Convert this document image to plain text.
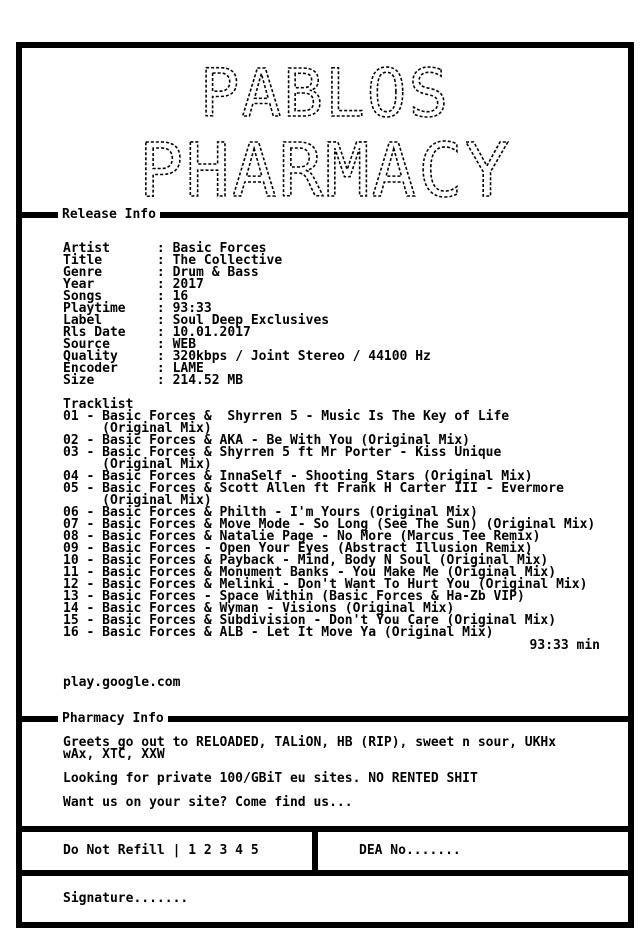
PABLOS
PHARMACY
Release Info
Artist      : Basic Forces
Title       : The Collective
Genre       : Drum & Bass
Year        : 2017
Songs       : 16
Playtime    : 93:33
Label       : Soul Deep Exclusives
Rls Date    : 10.01.2017
Source      : WEB
Quality     : 320kbps / Joint Stereo / 44100 Hz
Encoder     : LAME
Size        : 214.52 MB
Tracklist
01 - Basic Forces &  Shyrren 5 - Music Is The Key of Life
(Original Mix)
02 - Basic Forces & AKA - Be With You (Original Mix)
03 - Basic Forces & Shyrren 5 ft Mr Porter - Kiss Unique
(Original Mix)
04 - Basic Forces & InnaSelf - Shooting Stars (Original Mix)
05 - Basic Forces & Scott Allen ft Frank H Carter III - Evermore
(Original Mix)
06 - Basic Forces & Philth - I'm Yours (Original Mix)
07 - Basic Forces & Move Mode - So Long (See The Sun) (Original Mix)
08 - Basic Forces & Natalie Page - No More (Marcus Tee Remix)
09 - Basic Forces - Open Your Eyes (Abstract Illusion Remix)
10 - Basic Forces & Payback - Mind, Body N Soul (Original Mix)
11 - Basic Forces & Monument Banks - You Make Me (Original Mix)
12 - Basic Forces & Melinki - Don't Want To Hurt You (Original Mix)
13 - Basic Forces - Space Within (Basic Forces & Ha-Zb VIP)
14 - Basic Forces & Wyman - Visions (Original Mix)
15 - Basic Forces & Subdivision - Don't You Care (Original Mix)
16 - Basic Forces & ALB - Let It Move Ya (Original Mix)
93:33 min
play.google.com
Pharmacy Info
Greets go out to RELOADED, TALiON, HB (RIP), sweet n sour, UKHx
wAx, XTC, XXW
Looking for private 100/GBiT eu sites. NO RENTED SHIT
Want us on your site? Come find us...
Do Not Refill | 1 2 3 4 5	DEA No.......
Signature.......
